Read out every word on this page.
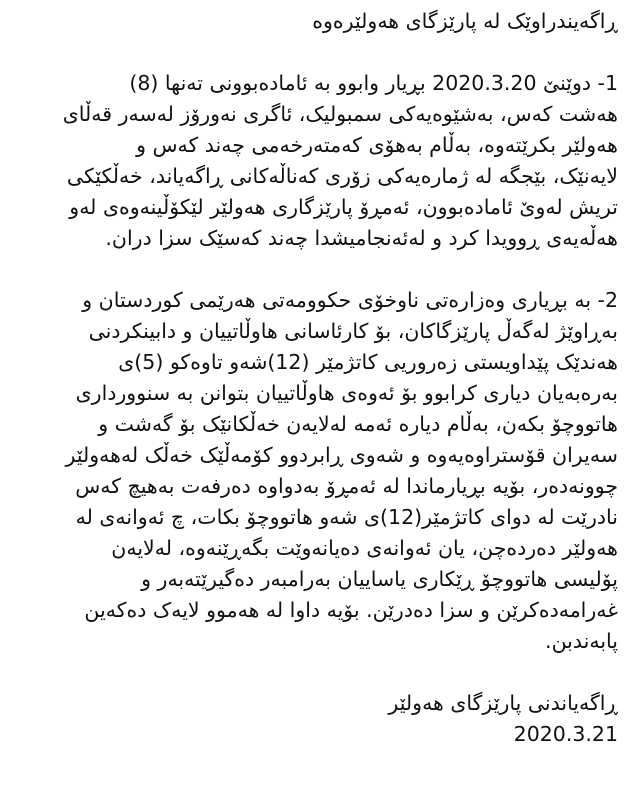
ڕاگەیندراوێک لە پارێزگای هەولێرەوە
1- دوێنێ 2020.3.20 بڕیار وابوو بە ئامادەبوونی تەنها (8)
هەشت کەس، بەشێوەیەکی سمبولیک، ئاگری نەورۆز لەسەر قەڵای
هەولێر بکرێتەوە، بەڵام بەهۆی کەمتەرخەمی چەند کەس و
لایەنێک، بێجگە لە ژمارەیەکی زۆری کەناڵەکانی ڕاگەیاند، خەڵکێکی
تریش لەوێ ئامادەبوون، ئەمڕۆ پارێزگاری هەولێر لێکۆڵینەوەی لەو
هەڵەیەی ڕوویدا کرد و لەئەنجامیشدا چەند کەسێک سزا دران.
2- بە بڕیاری وەزارەتی ناوخۆی حکوومەتی هەرێمی کوردستان و
بەڕاوێژ لەگەڵ پارێزگاکان، بۆ کارئاسانی هاوڵاتییان و دابینکردنی
هەندێک پێداویستی زەروریی کاتژمێر (12)شەو تاوەکو (5)ی
بەرەبەیان دیاری کرابوو بۆ ئەوەی هاوڵاتییان بتوانن بە سنوورداری
هاتووچۆ بکەن، بەڵام دیارە ئەمە لەلایەن خەڵکانێک بۆ گەشت و
سەیران قۆستراوەیەوە و شەوی ڕابردوو کۆمەڵێک خەڵک لەهەولێر
چوونەدەر، بۆیە بڕیارماندا لە ئەمڕۆ بەدواوە دەرفەت بەهیچ کەس
نادرێت لە دوای کاتژمێر(12)ی شەو هاتووچۆ بکات، چ ئەوانەی لە
هەولێر دەردەچن، یان ئەوانەی دەیانەوێت بگەڕێنەوە، لەلایەن
پۆلیسی هاتووچۆ ڕێکاری یاساییان بەرامبەر دەگیرێتەبەر و
غەرامەدەکرێن و سزا دەدرێن. بۆیە داوا لە هەموو لایەک دەکەین
پابەندبن.
ڕاگەیاندنی پارێزگای هەولێر
2020.3.21
